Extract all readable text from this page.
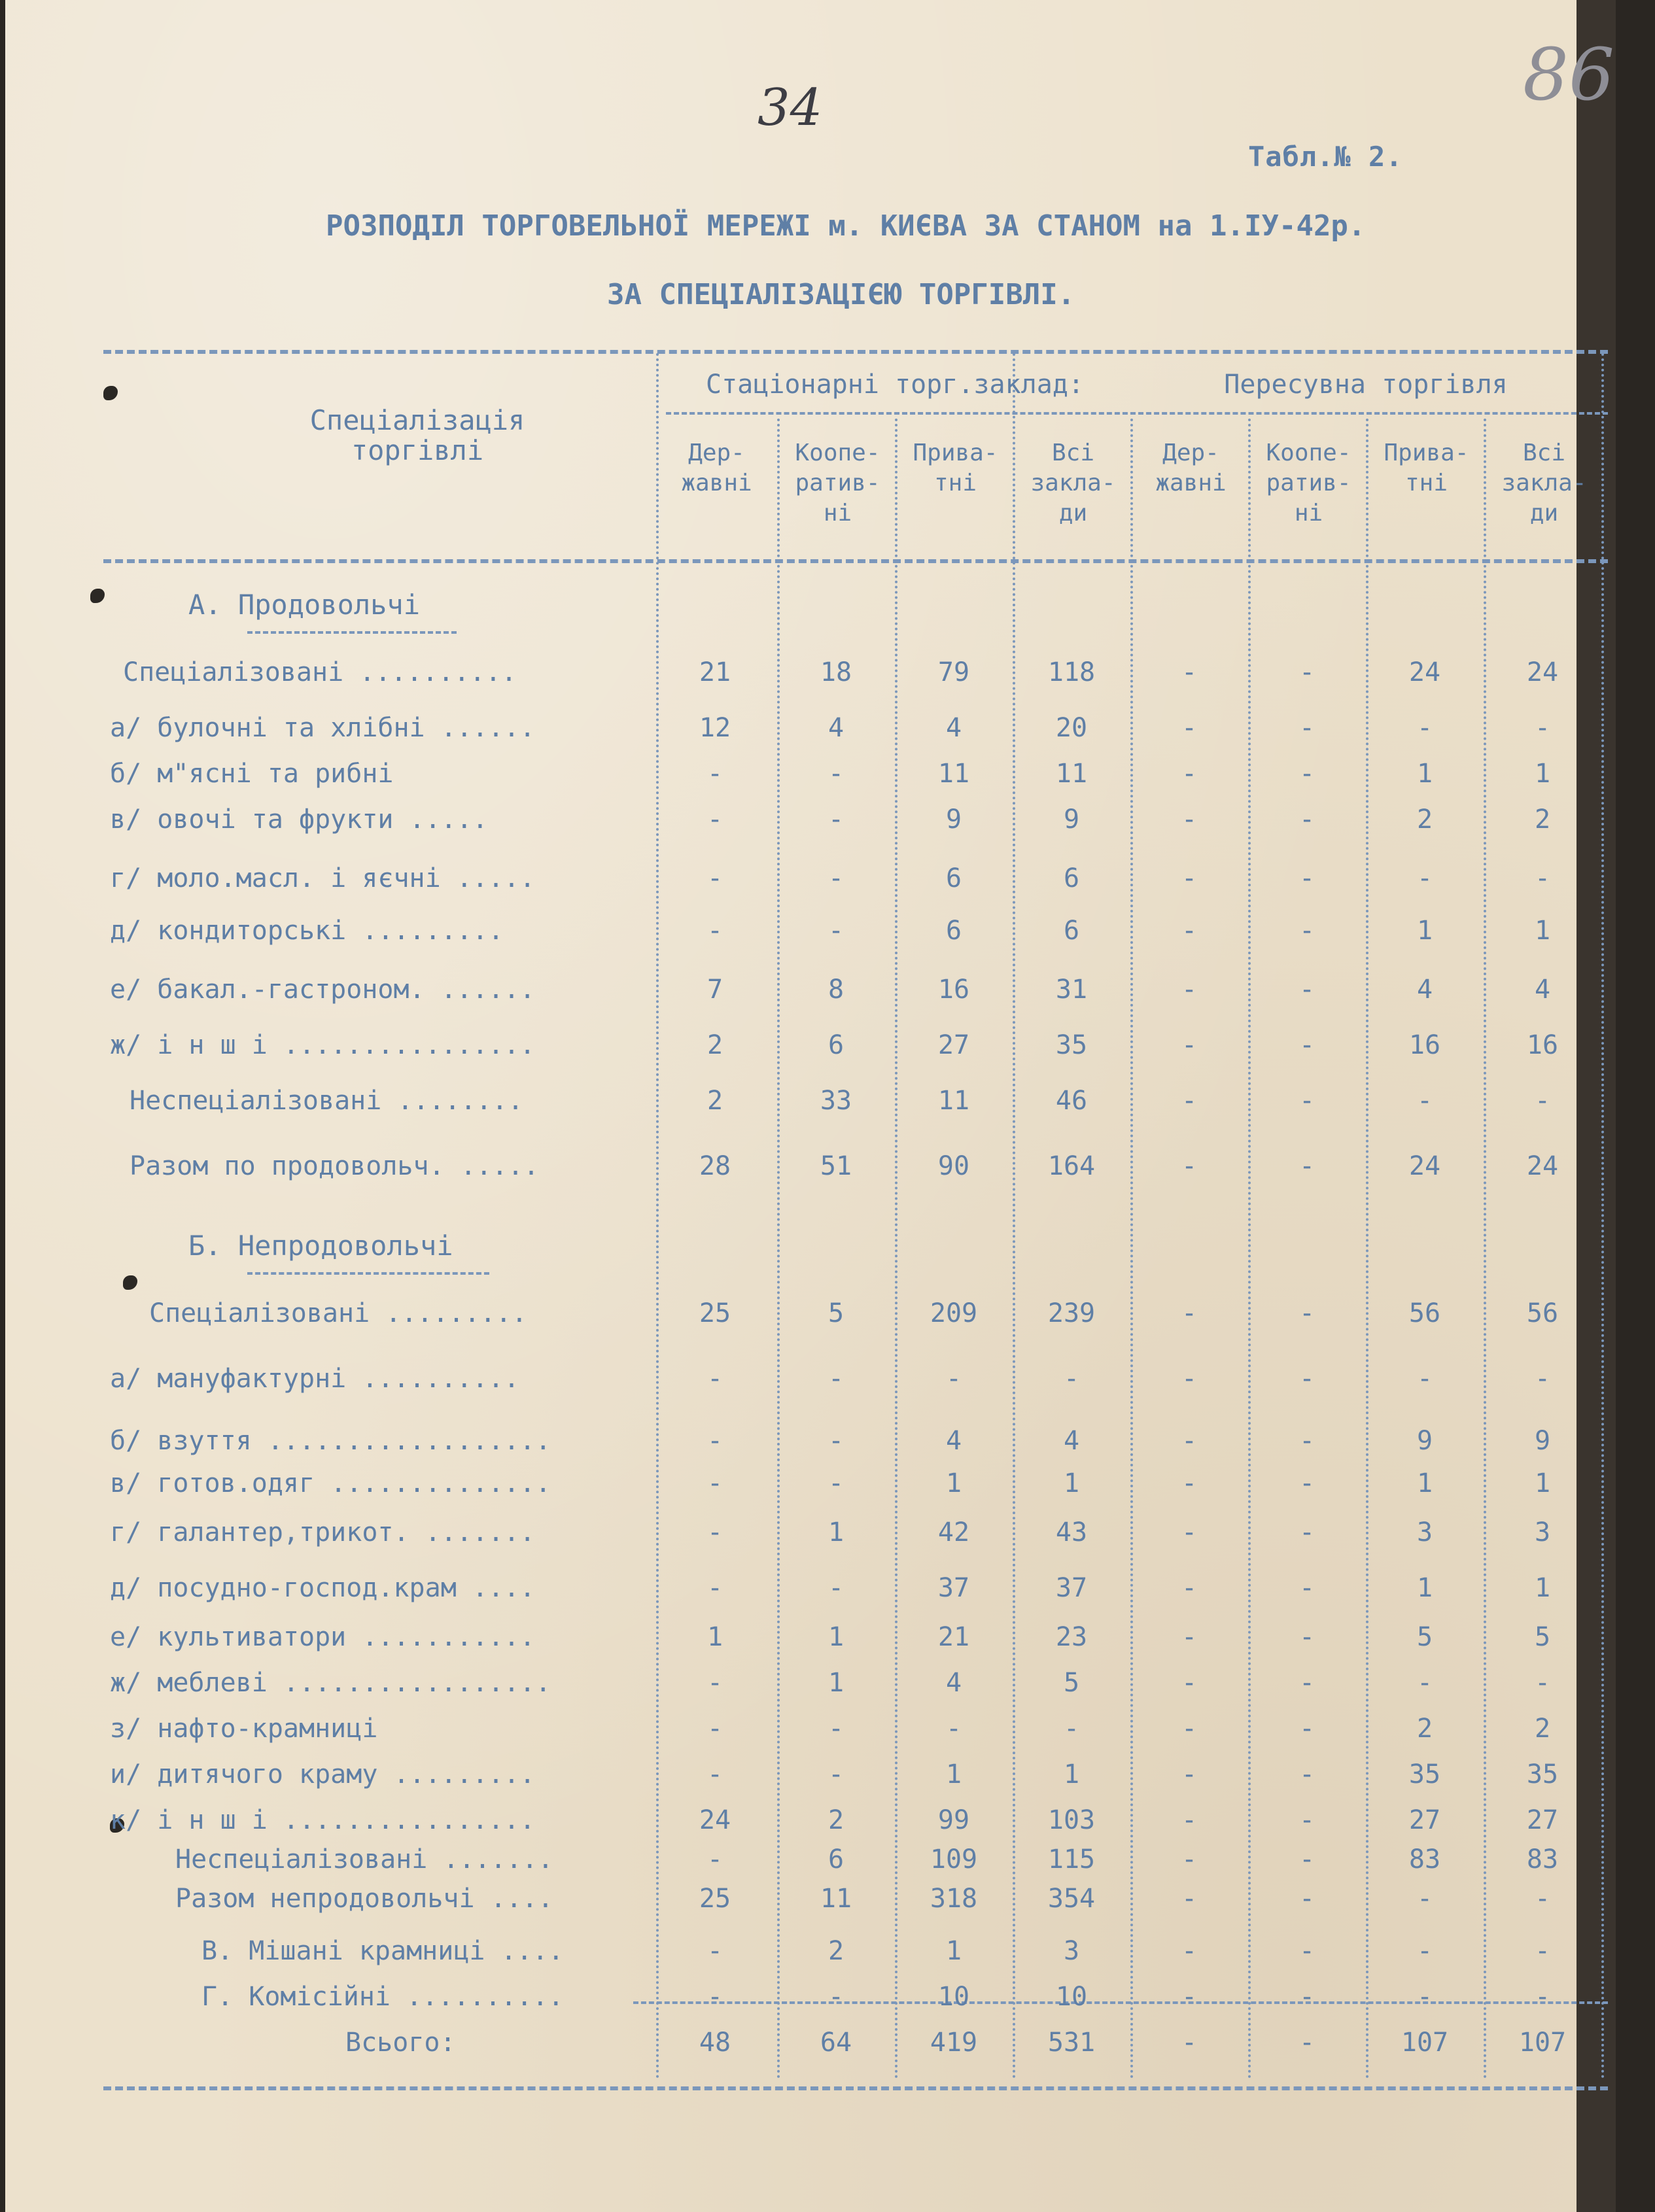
34	86
Табл.№ 2.
РОЗПОДІЛ ТОРГОВЕЛЬНОЇ МЕРЕЖІ м. КИЄВА ЗА СТАНОМ на 1.ІУ-42р.
ЗА СПЕЦІАЛІЗАЦІЄЮ ТОРГІВЛІ.
Спеціалізація
торгівлі
Стаціонарні торг.заклад:	Пересувна торгівля
А. Продовольчі
Б. Непродовольчі
Дер-
жавні
Коопе-
ратив-
ні
Прива-
тні
Всі
закла-
ди
Дер-
жавні
Коопе-
ратив-
ні
Прива-
тні
Всі
закла-
ди
Спеціалізовані ..........	21	18	79	118	-	-	24	24
а/ булочні та хлібні ......	12	4	4	20	-	-	-	-
б/ м"ясні та рибні	-	-	11	11	-	-	1	1
в/ овочі та фрукти .....	-	-	9	9	-	-	2	2
г/ моло.масл. і яєчні .....	-	-	6	6	-	-	-	-
д/ кондиторські .........	-	-	6	6	-	-	1	1
е/ бакал.-гастроном. ......	7	8	16	31	-	-	4	4
ж/ і н ш і ................	2	6	27	35	-	-	16	16
Неспеціалізовані ........	2	33	11	46	-	-	-	-
Разом по продовольч. .....	28	51	90	164	-	-	24	24
Спеціалізовані .........	25	5	209	239	-	-	56	56
а/ мануфактурні ..........	-	-	-	-	-	-	-	-
б/ взуття ..................	-	-	4	4	-	-	9	9
в/ готов.одяг ..............	-	-	1	1	-	-	1	1
г/ галантер,трикот. .......	-	1	42	43	-	-	3	3
д/ посудно-господ.крам ....	-	-	37	37	-	-	1	1
е/ культиватори ...........	1	1	21	23	-	-	5	5
ж/ меблеві .................	-	1	4	5	-	-	-	-
з/ нафто-крамниці	-	-	-	-	-	-	2	2
и/ дитячого краму .........	-	-	1	1	-	-	35	35
к/ і н ш і ................	24	2	99	103	-	-	27	27
Неспеціалізовані .......	-	6	109	115	-	-	83	83
Разом непродовольчі ....	25	11	318	354	-	-	-	-
В. Мішані крамниці ....	-	2	1	3	-	-	-	-
Г. Комісійні ..........	-	-	10	10	-	-	-	-
Всього:	48	64	419	531	-	-	107	107
